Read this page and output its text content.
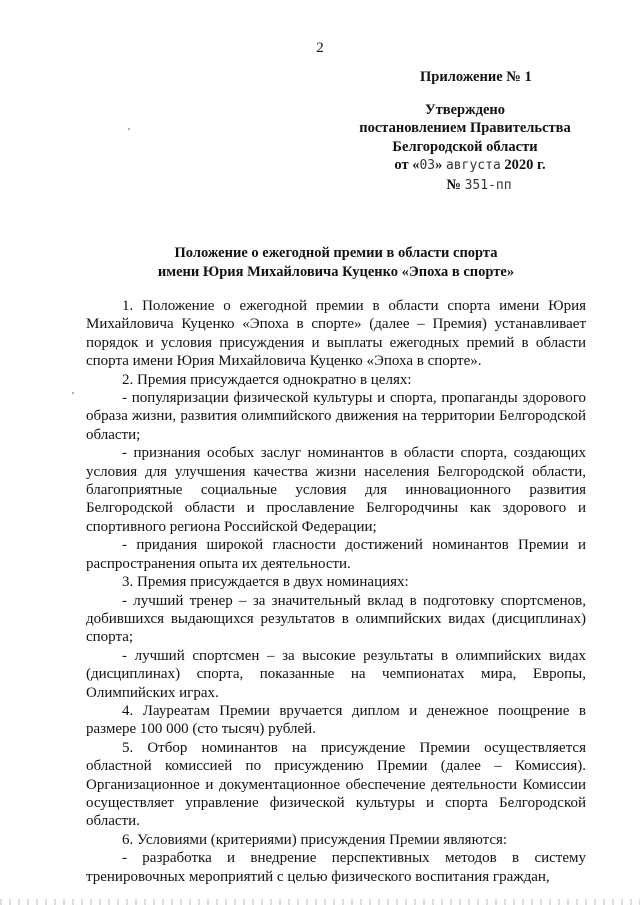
2
Приложение № 1
Утверждено
постановлением Правительства
Белгородской области
от «03» августа 2020 г.
№ 351-пп
Положение о ежегодной премии в области спорта
имени Юрия Михайловича Куценко «Эпоха в спорте»

1. Положение о ежегодной премии в области спорта имени Юрия Михайловича Куценко «Эпоха в спорте» (далее – Премия) устанавливает порядок и условия присуждения и выплаты ежегодных премий в области спорта имени Юрия Михайловича Куценко «Эпоха в спорте».

2. Премия присуждается однократно в целях:

- популяризации физической культуры и спорта, пропаганды здорового образа жизни, развития олимпийского движения на территории Белгородской области;

- признания особых заслуг номинантов в области спорта, создающих условия для улучшения качества жизни населения Белгородской области, благоприятные социальные условия для инновационного развития Белгородской области и прославление Белгородчины как здорового и спортивного региона Российской Федерации;

- придания широкой гласности достижений номинантов Премии и распространения опыта их деятельности.

3. Премия присуждается в двух номинациях:

- лучший тренер – за значительный вклад в подготовку спортсменов, добившихся выдающихся результатов в олимпийских видах (дисциплинах) спорта;

- лучший спортсмен – за высокие результаты в олимпийских видах (дисциплинах) спорта, показанные на чемпионатах мира, Европы, Олимпийских играх.

4. Лауреатам Премии вручается диплом и денежное поощрение в размере 100 000 (сто тысяч) рублей.

5. Отбор номинантов на присуждение Премии осуществляется областной комиссией по присуждению Премии (далее – Комиссия). Организационное и документационное обеспечение деятельности Комиссии осуществляет управление физической культуры и спорта Белгородской области.

6. Условиями (критериями) присуждения Премии являются:

- разработка и внедрение перспективных методов в систему тренировочных мероприятий с целью физического воспитания граждан,
